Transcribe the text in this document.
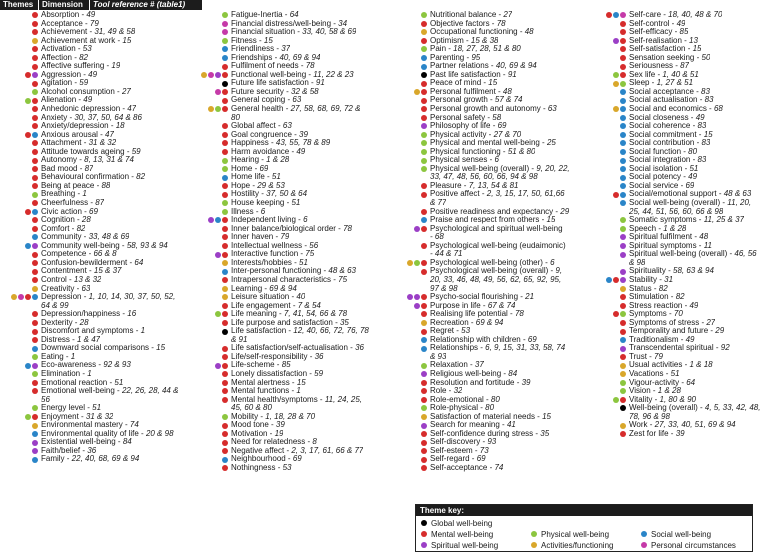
Themes	Dimension	Tool reference # (table1)
Absorption - 49
Acceptance - 79
Achievement - 31, 49 & 58
Achievement at work - 15
Activation - 53
Affection - 82
Affective suffering - 19
Aggression - 49
Agitation - 59
Alcohol consumption - 27
Alienation - 49
Anhedonic depression - 47
Anxiety - 30, 37, 50, 64 & 86
Anxiety/depression - 18
Anxious arousal - 47
Attachment - 31 & 32
Attitude towards ageing - 59
Autonomy - 8, 13, 31 & 74
Bad mood - 87
Behavioural confirmation - 82
Being at peace - 88
Breathing - 1
Cheerfulness - 87
Civic action - 69
Cognition - 28
Comfort - 82
Community - 33, 48 & 69
Community well-being - 58, 93 & 94
Competence - 66 & 8
Confusion-bewilderment - 64
Contentment - 15 & 37
Control - 13 & 32
Creativity - 63
Depression - 1, 10, 14, 30, 37, 50, 52,
64 & 99
Depression/happiness - 16
Dexterity - 28
Discomfort and symptoms - 1
Distress - 1 & 47
Downward social comparisons - 15
Eating - 1
Eco-awareness - 92 & 93
Elimination - 1
Emotional reaction - 51
Emotional well-being - 22, 26, 28, 44 &
56
Energy level - 51
Enjoyment - 31 & 32
Environmental mastery - 74
Environmental quality of life - 20 & 98
Existential well-being - 84
Faith/belief - 36
Family - 22, 40, 68, 69 & 94
Fatigue-Inertia - 64
Financial distress/well-being - 34
Financial situation - 33, 40, 58 & 69
Fitness - 15
Friendliness - 37
Friendships - 40, 69 & 94
Fulfilment of needs - 78
Functional well-being - 11, 22 & 23
Future life satisfaction - 91
Future security - 32 & 58
General coping - 63
General health - 27, 58, 68, 69, 72 &
80
Global affect - 63
Goal congruence - 39
Happiness - 43, 55, 78 & 89
Harm avoidance - 49
Hearing - 1 & 28
Home - 69
Home life - 51
Hope - 29 & 53
Hostility - 37, 50 & 64
House keeping - 51
Illness - 6
Independent living - 6
Inner balance/biological order - 78
Inner haven - 79
Intellectual wellness - 56
Interactive function - 75
Interests/hobbies - 51
Inter-personal functioning - 48 & 63
Intrapersonal characteristics - 75
Learning - 69 & 94
Leisure situation - 40
Life engagement - 7 & 54
Life meaning - 7, 41, 54, 66 & 78
Life purpose and satisfaction - 35
Life satisfaction - 12, 40, 66, 72, 76, 78
& 91
Life satisfaction/self-actualisation - 36
Life/self-responsibility - 36
Life-scheme - 85
Lonely dissatisfaction - 59
Mental alertness - 15
Mental functions - 1
Mental health/symptoms - 11, 24, 25,
45, 60 & 80
Mobility - 1, 18, 28 & 70
Mood tone - 39
Motivation - 19
Need for relatedness - 8
Negative affect - 2, 3, 17, 61, 66 & 77
Neighbourhood - 69
Nothingness - 53
Nutritional balance - 27
Objective factors - 78
Occupational functioning - 48
Optimism - 15 & 38
Pain - 18, 27, 28, 51 & 80
Parenting - 95
Partner relations - 40, 69 & 94
Past life satisfaction - 91
Peace of mind - 15
Personal fulfilment - 48
Personal growth - 57 & 74
Personal growth and autonomy - 63
Personal safety - 58
Philosophy of life - 69
Physical activity - 27 & 70
Physical and mental well-being - 25
Physical functioning - 51 & 80
Physical senses - 6
Physical well-being (overall) - 9, 20, 22,
33, 47, 48, 56, 60, 66, 94 & 98
Pleasure - 7, 13, 54 & 81
Positive affect - 2, 3, 15, 17, 50, 61,66
& 77
Positive readiness and expectancy - 29
Praise and respect from others - 15
Psychological and spiritual well-being
- 68
Psychological well-being (eudaimonic)
- 44 & 71
Psychological well-being (other) - 6
Psychological well-being (overall) - 9,
20, 33, 46, 48, 49, 56, 62, 65, 92, 95,
97 & 98
Psycho-social flourishing - 21
Purpose in life - 67 & 74
Realising life potential - 78
Recreation - 69 & 94
Regret - 53
Relationship with children - 69
Relationships - 6, 9, 15, 31, 33, 58, 74
& 93
Relaxation - 37
Religious well-being - 84
Resolution and fortitude - 39
Role - 32
Role-emotional - 80
Role-physical - 80
Satisfaction of material needs - 15
Search for meaning - 41
Self-confidence during stress - 35
Self-discovery - 93
Self-esteem - 73
Self-regard - 69
Self-acceptance - 74
Self-care - 18, 40, 48 & 70
Self-control - 49
Self-efficacy - 85
Self-realisation - 13
Self-satisfaction - 15
Sensation seeking - 50
Seriousness - 87
Sex life - 1, 40 & 51
Sleep - 1, 27 & 51
Social acceptance - 83
Social actualisation - 83
Social and economics - 68
Social closeness - 49
Social coherence - 83
Social commitment - 15
Social contribution - 83
Social function - 80
Social integration - 83
Social isolation - 51
Social potency - 49
Social service - 69
Social/emotional support - 48 & 63
Social well-being (overall) - 11, 20,
25, 44, 51, 56, 60, 66 & 98
Somatic symptoms - 11, 25 & 37
Speech - 1 & 28
Spiritual fulfilment - 48
Spiritual symptoms - 11
Spiritual well-being (overall) - 46, 56
& 98
Spirituality - 58, 63 & 94
Stability - 31
Status - 82
Stimulation - 82
Stress reaction - 49
Symptoms - 70
Symptoms of stress - 27
Temporality and future - 29
Traditionalism - 49
Transcendental spiritual - 92
Trust - 79
Usual activities - 1 & 18
Vacations - 51
Vigour-activity - 64
Vision - 1 & 28
Vitality - 1, 80 & 90
Well-being (overall) - 4, 5, 33, 42, 48,
78, 96 & 98
Work - 27, 33, 40, 51, 69 & 94
Zest for life - 39
Theme key:
Global well-being
Mental well-being	Physical well-being	Social well-being
Spiritual well-being	Activities/functioning	Personal circumstances
